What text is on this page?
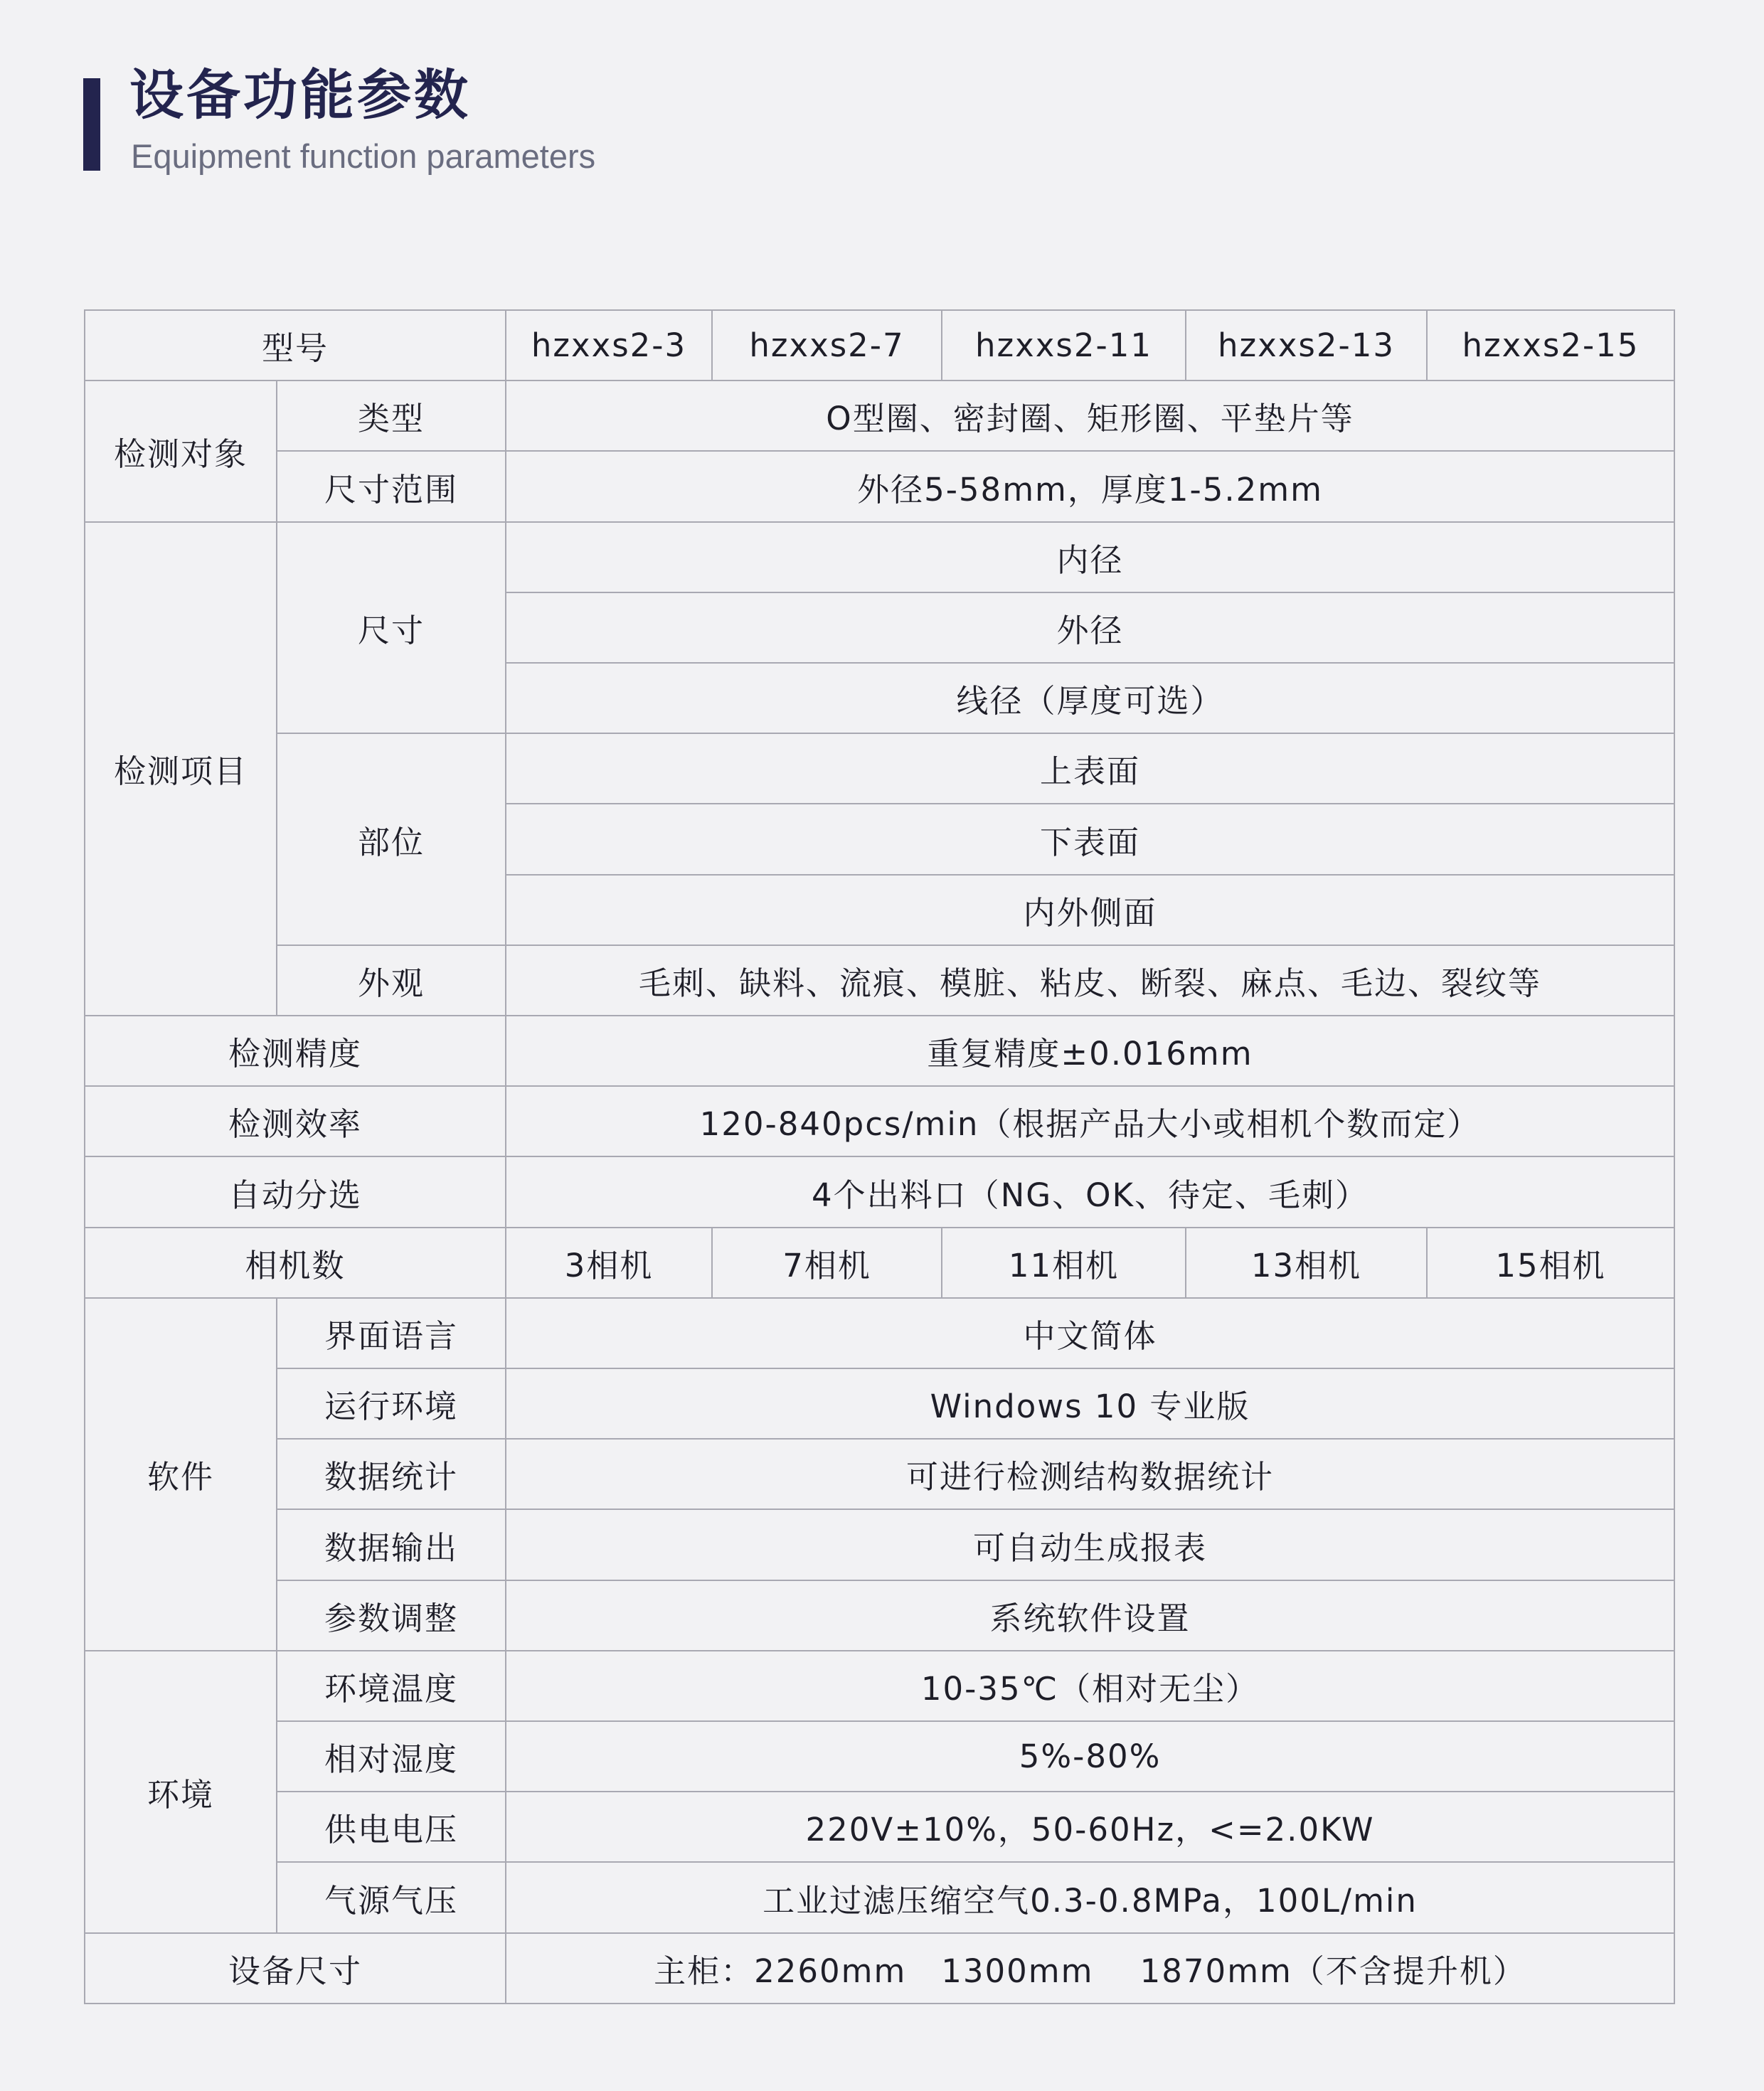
设备功能参数
Equipment function parameters
型号		hzxxs2-3	hzxxs2-7	hzxxs2-11	hzxxs2-13	hzxxs2-15
检测对象	类型	O型圈、密封圈、矩形圈、平垫片等				
	尺寸范围	外径5-58mm，厚度1-5.2mm				
检测项目	尺寸	内径				
		外径				
		线径（厚度可选）				
	部位	上表面				
		下表面				
		内外侧面				
	外观	毛刺、缺料、流痕、模脏、粘皮、断裂、麻点、毛边、裂纹等				
检测精度		重复精度±0.016mm				
检测效率		120-840pcs/min（根据产品大小或相机个数而定）				
自动分选		4个出料口（NG、OK、待定、毛刺）				
相机数		3相机	7相机	11相机	13相机	15相机
软件	界面语言	中文简体				
	运行环境	Windows 10 专业版				
	数据统计	可进行检测结构数据统计				
	数据输出	可自动生成报表				
	参数调整	系统软件设置				
环境	环境温度	10-35℃（相对无尘）				
	相对湿度	5%-80%				
	供电电压	220V±10%，50-60Hz，<=2.0KW				
	气源气压	工业过滤压缩空气0.3-0.8MPa，100L/min				
设备尺寸		主柜：2260mm   1300mm    1870mm（不含提升机）				
